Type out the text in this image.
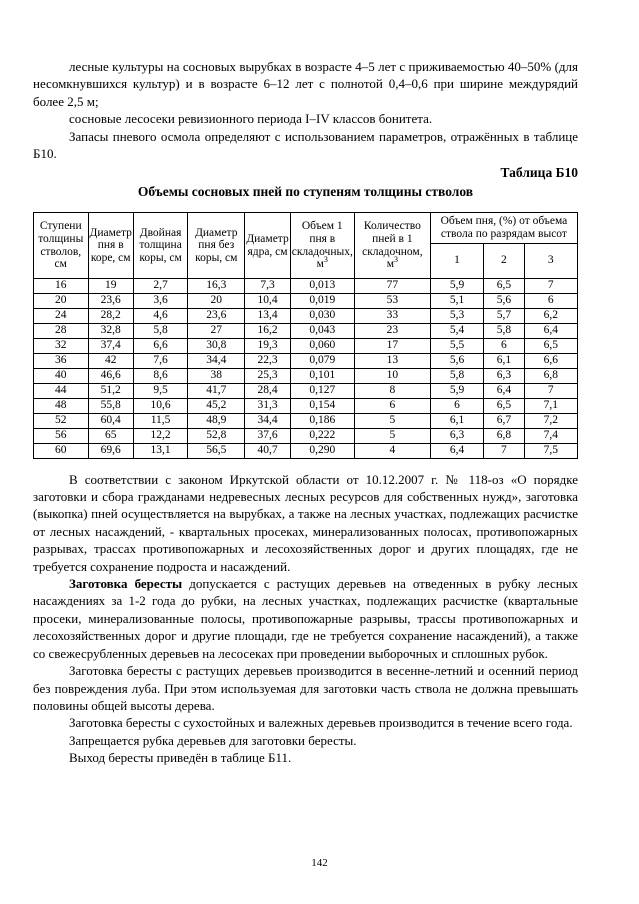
лесные культуры на сосновых вырубках в возрасте 4–5 лет с приживаемостью 40–50% (для несомкнувшихся культур) и в возрасте 6–12 лет с полнотой 0,4–0,6 при ширине междурядий более 2,5 м;

сосновые лесосеки ревизионного периода I–IV классов бонитета.

Запасы пневого осмола определяют с использованием параметров, отражённых в таблице Б10.

Таблица Б10

Объемы сосновых пней по ступеням толщины стволов

Ступени толщины стволов, см	Диаметр пня в коре, см	Двойная толщина коры, см	Диаметр пня без коры, см	Диаметр ядра, см	Объем 1 пня в складочных, $м^3$	Количество пней в 1 складочном, $м^3$	Объем пня, (%) от объема ствола по разрядам высот		
							1	2	3
16	19	2,7	16,3	7,3	0,013	77	5,9	6,5	7
20	23,6	3,6	20	10,4	0,019	53	5,1	5,6	6
24	28,2	4,6	23,6	13,4	0,030	33	5,3	5,7	6,2
28	32,8	5,8	27	16,2	0,043	23	5,4	5,8	6,4
32	37,4	6,6	30,8	19,3	0,060	17	5,5	6	6,5
36	42	7,6	34,4	22,3	0,079	13	5,6	6,1	6,6
40	46,6	8,6	38	25,3	0,101	10	5,8	6,3	6,8
44	51,2	9,5	41,7	28,4	0,127	8	5,9	6,4	7
48	55,8	10,6	45,2	31,3	0,154	6	6	6,5	7,1
52	60,4	11,5	48,9	34,4	0,186	5	6,1	6,7	7,2
56	65	12,2	52,8	37,6	0,222	5	6,3	6,8	7,4
60	69,6	13,1	56,5	40,7	0,290	4	6,4	7	7,5

В соответствии с законом Иркутской области от 10.12.2007 г. № 118-оз «О порядке заготовки и сбора гражданами недревесных лесных ресурсов для собственных нужд», заготовка (выкопка) пней осуществляется на вырубках, а также на лесных участках, подлежащих расчистке от лесных насаждений, - квартальных просеках, минерализованных полосах, противопожарных разрывах, трассах противопожарных и лесохозяйственных дорог и других площадях, где не требуется сохранение подроста и насаждений.

Заготовка бересты допускается с растущих деревьев на отведенных в рубку лесных насаждениях за 1-2 года до рубки, на лесных участках, подлежащих расчистке (квартальные просеки, минерализованные полосы, противопожарные разрывы, трассы противопожарных и лесохозяйственных дорог и другие площади, где не требуется сохранение насаждений), а также со свежесрубленных деревьев на лесосеках при проведении выборочных и сплошных рубок.

Заготовка бересты с растущих деревьев производится в весенне-летний и осенний период без повреждения луба. При этом используемая для заготовки часть ствола не должна превышать половины общей высоты дерева.

Заготовка бересты с сухостойных и валежных деревьев производится в течение всего года.

Запрещается рубка деревьев для заготовки бересты.

Выход бересты приведён в таблице Б11.

142
